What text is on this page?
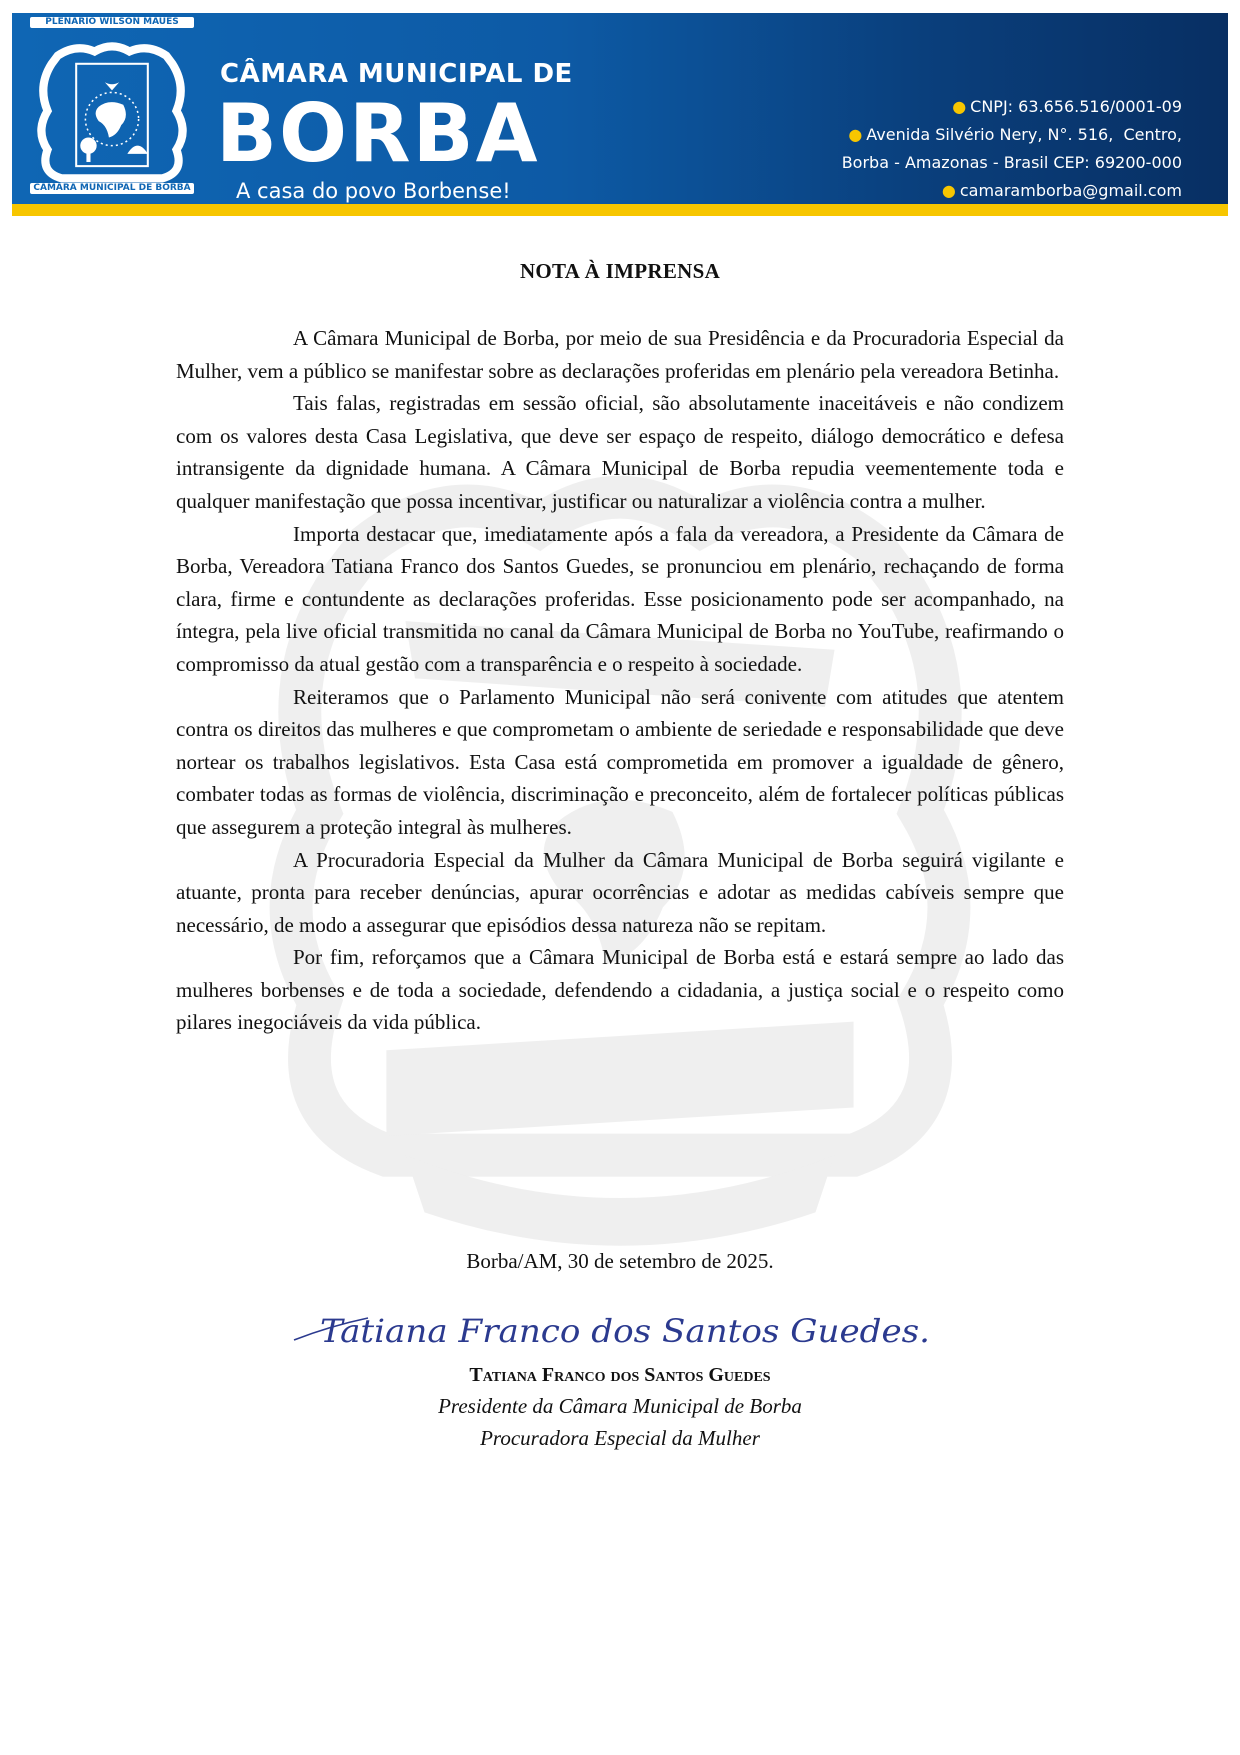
PLENÁRIO WILSON MAUÉS
CÂMARA MUNICIPAL DE BORBA
CÂMARA MUNICIPAL DE
BORBA
A casa do povo Borbense!
● CNPJ: 63.656.516/0001-09
● Avenida Silvério Nery, N°. 516,  Centro,
Borba - Amazonas - Brasil CEP: 69200-000
● camaramborba@gmail.com
NOTA À IMPRENSA

A Câmara Municipal de Borba, por meio de sua Presidência e da Procuradoria Especial da Mulher, vem a público se manifestar sobre as declarações proferidas em plenário pela vereadora Betinha.

Tais falas, registradas em sessão oficial, são absolutamente inaceitáveis e não condizem com os valores desta Casa Legislativa, que deve ser espaço de respeito, diálogo democrático e defesa intransigente da dignidade humana. A Câmara Municipal de Borba repudia veementemente toda e qualquer manifestação que possa incentivar, justificar ou naturalizar a violência contra a mulher.

Importa destacar que, imediatamente após a fala da vereadora, a Presidente da Câmara de Borba, Vereadora Tatiana Franco dos Santos Guedes, se pronunciou em plenário, rechaçando de forma clara, firme e contundente as declarações proferidas. Esse posicionamento pode ser acompanhado, na íntegra, pela live oficial transmitida no canal da Câmara Municipal de Borba no YouTube, reafirmando o compromisso da atual gestão com a transparência e o respeito à sociedade.

Reiteramos que o Parlamento Municipal não será conivente com atitudes que atentem contra os direitos das mulheres e que comprometam o ambiente de seriedade e responsabilidade que deve nortear os trabalhos legislativos. Esta Casa está comprometida em promover a igualdade de gênero, combater todas as formas de violência, discriminação e preconceito, além de fortalecer políticas públicas que assegurem a proteção integral às mulheres.

A Procuradoria Especial da Mulher da Câmara Municipal de Borba seguirá vigilante e atuante, pronta para receber denúncias, apurar ocorrências e adotar as medidas cabíveis sempre que necessário, de modo a assegurar que episódios dessa natureza não se repitam.

Por fim, reforçamos que a Câmara Municipal de Borba está e estará sempre ao lado das mulheres borbenses e de toda a sociedade, defendendo a cidadania, a justiça social e o respeito como pilares inegociáveis da vida pública.

Borba/AM, 30 de setembro de 2025.
Tatiana Franco dos Santos Guedes.
Tatiana Franco dos Santos Guedes
Presidente da Câmara Municipal de Borba
Procuradora Especial da Mulher
